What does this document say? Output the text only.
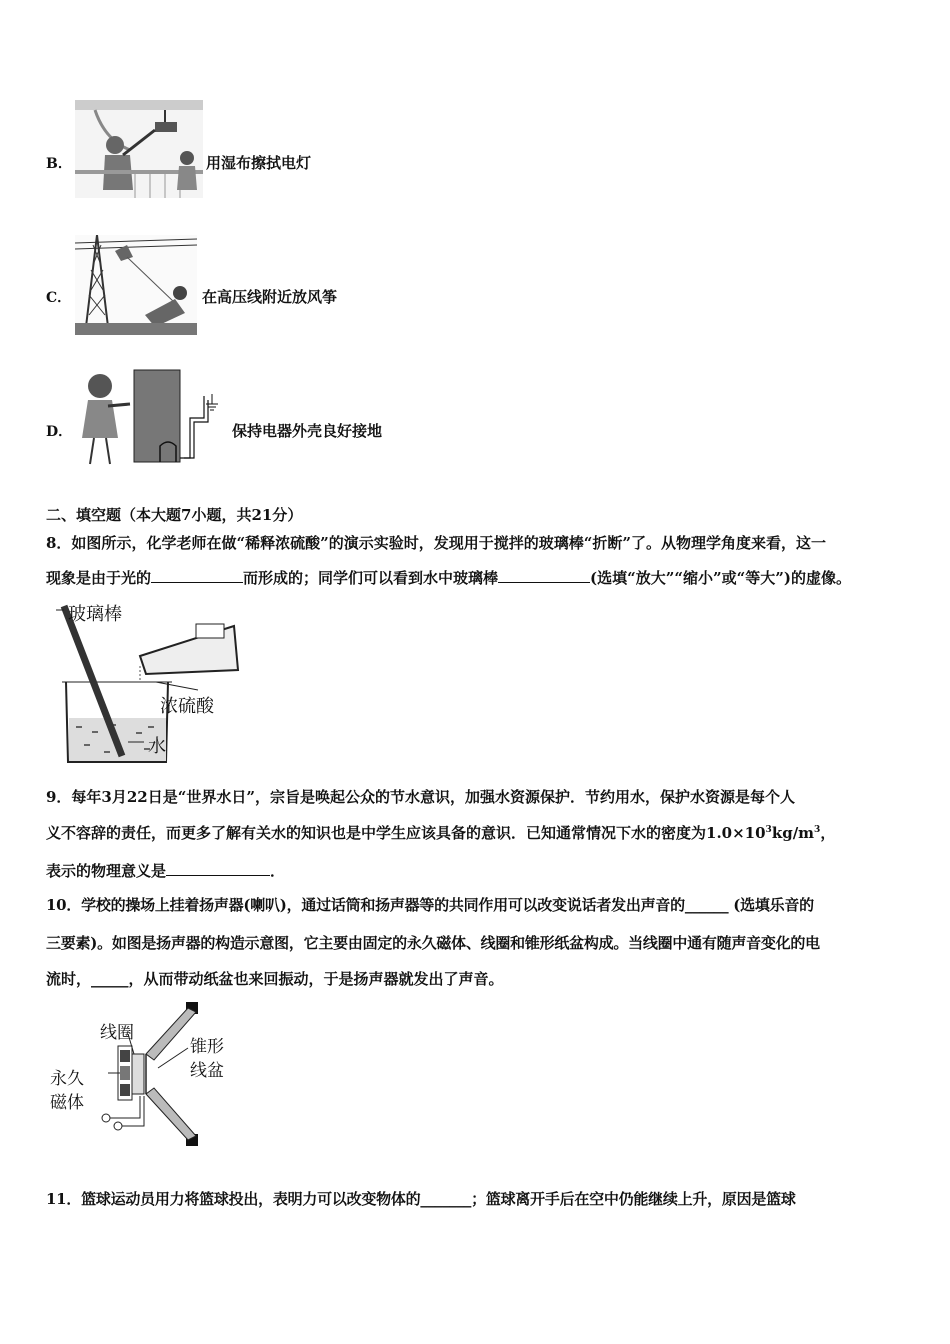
B．	用湿布擦拭电灯
C．	在高压线附近放风筝
D．	保持电器外壳良好接地
二、填空题（本大题7小题，共21分）
8．如图所示，化学老师在做“稀释浓硫酸”的演示实验时，发现用于搅拌的玻璃棒“折断”了。从物理学角度来看，这一
现象是由于光的	而形成的；同学们可以看到水中玻璃棒	(选填“放大”“缩小”或“等大”)的虚像。
玻璃棒
浓硫酸
水
9．每年3月22日是“世界水日”，宗旨是唤起公众的节水意识，加强水资源保护．节约用水，保护水资源是每个人
义不容辞的责任，而更多了解有关水的知识也是中学生应该具备的意识．已知通常情况下水的密度为$1.0\times 10^3kg/m^3$，
表示的物理意义是	．
10．学校的操场上挂着扬声器(喇叭)，通过话筒和扬声器等的共同作用可以改变说话者发出声音的______ (选填乐音的
三要素)。如图是扬声器的构造示意图，它主要由固定的永久磁体、线圈和锥形纸盆构成。当线圈中通有随声音变化的电
流时，_____，从而带动纸盆也来回振动，于是扬声器就发出了声音。
线圈
锥形
线盆
永久
磁体
11．篮球运动员用力将篮球投出，表明力可以改变物体的_______；篮球离开手后在空中仍能继续上升，原因是篮球
